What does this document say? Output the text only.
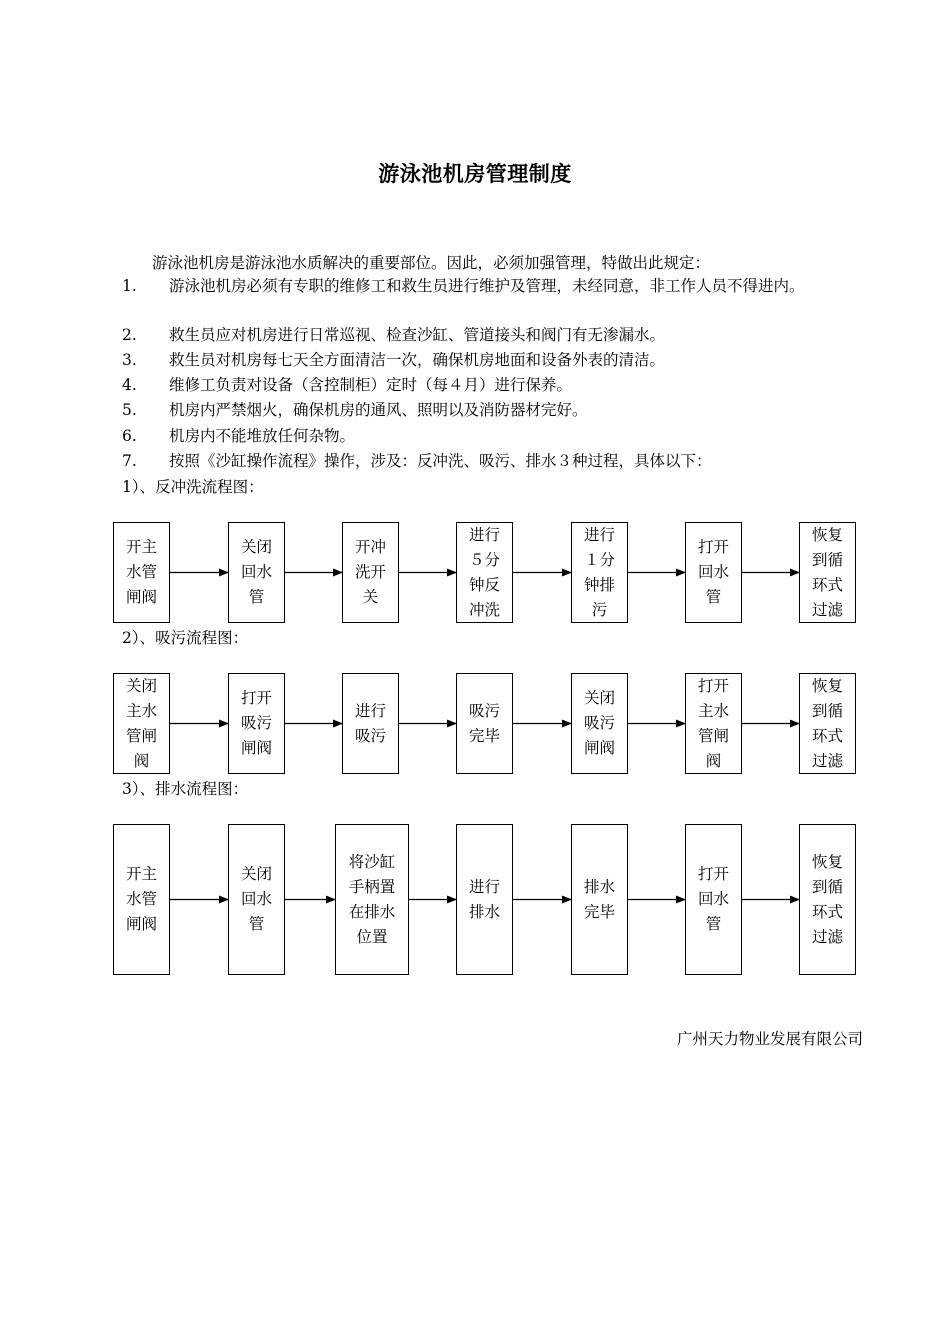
游泳池机房管理制度
游泳池机房是游泳池水质解决的重要部位。因此，必须加强管理，特做出此规定：
1.	游泳池机房必须有专职的维修工和救生员进行维护及管理，未经同意，非工作人员不得进内。
2.	救生员应对机房进行日常巡视、检查沙缸、管道接头和阀门有无渗漏水。
3.	救生员对机房每七天全方面清洁一次，确保机房地面和设备外表的清洁。
4.	维修工负责对设备（含控制柜）定时（每４月）进行保养。
5.	机房内严禁烟火，确保机房的通风、照明以及消防器材完好。
6.	机房内不能堆放任何杂物。
7.	按照《沙缸操作流程》操作，涉及：反冲洗、吸污、排水３种过程，具体以下：
1）、反冲洗流程图：
2）、吸污流程图：
3）、排水流程图：
开主水管闸阀
关闭回水管
开冲洗开关
进行５分钟反冲洗
进行１分钟排污
打开回水管
恢复到循环式过滤
关闭主水管闸阀
打开吸污闸阀
进行吸污
吸污完毕
关闭吸污闸阀
打开主水管闸阀
恢复到循环式过滤
开主水管闸阀
关闭回水管
将沙缸手柄置在排水位置
进行排水
排水完毕
打开回水管
恢复到循环式过滤
广州天力物业发展有限公司
